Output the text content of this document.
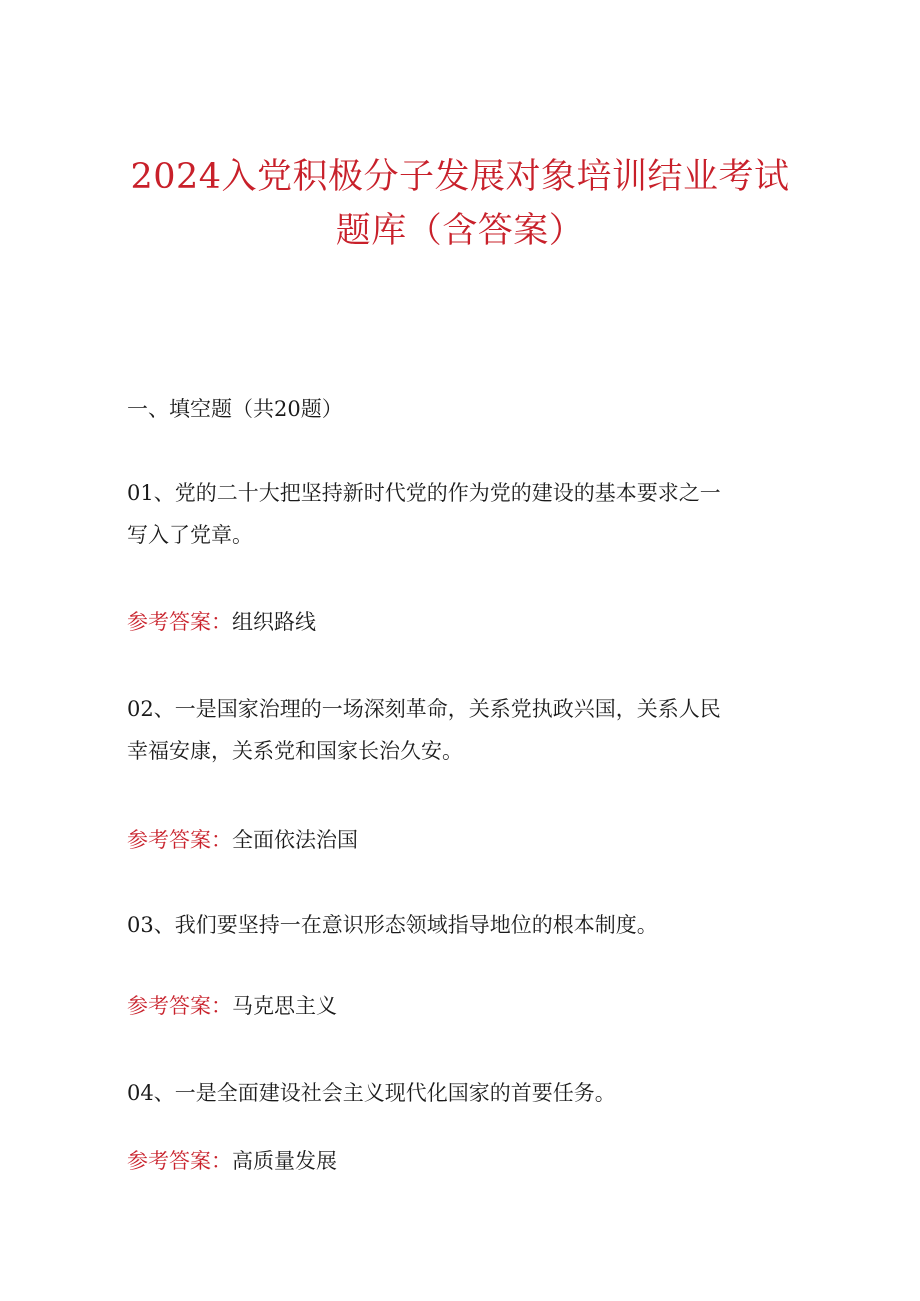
2024入党积极分子发展对象培训结业考试
题库（含答案）
一、填空题（共20题）
01、党的二十大把坚持新时代党的作为党的建设的基本要求之一
写入了党章。
参考答案：组织路线
02、一是国家治理的一场深刻革命，关系党执政兴国，关系人民
幸福安康，关系党和国家长治久安。
参考答案：全面依法治国
03、我们要坚持一在意识形态领域指导地位的根本制度。
参考答案：马克思主义
04、一是全面建设社会主义现代化国家的首要任务。
参考答案：高质量发展
